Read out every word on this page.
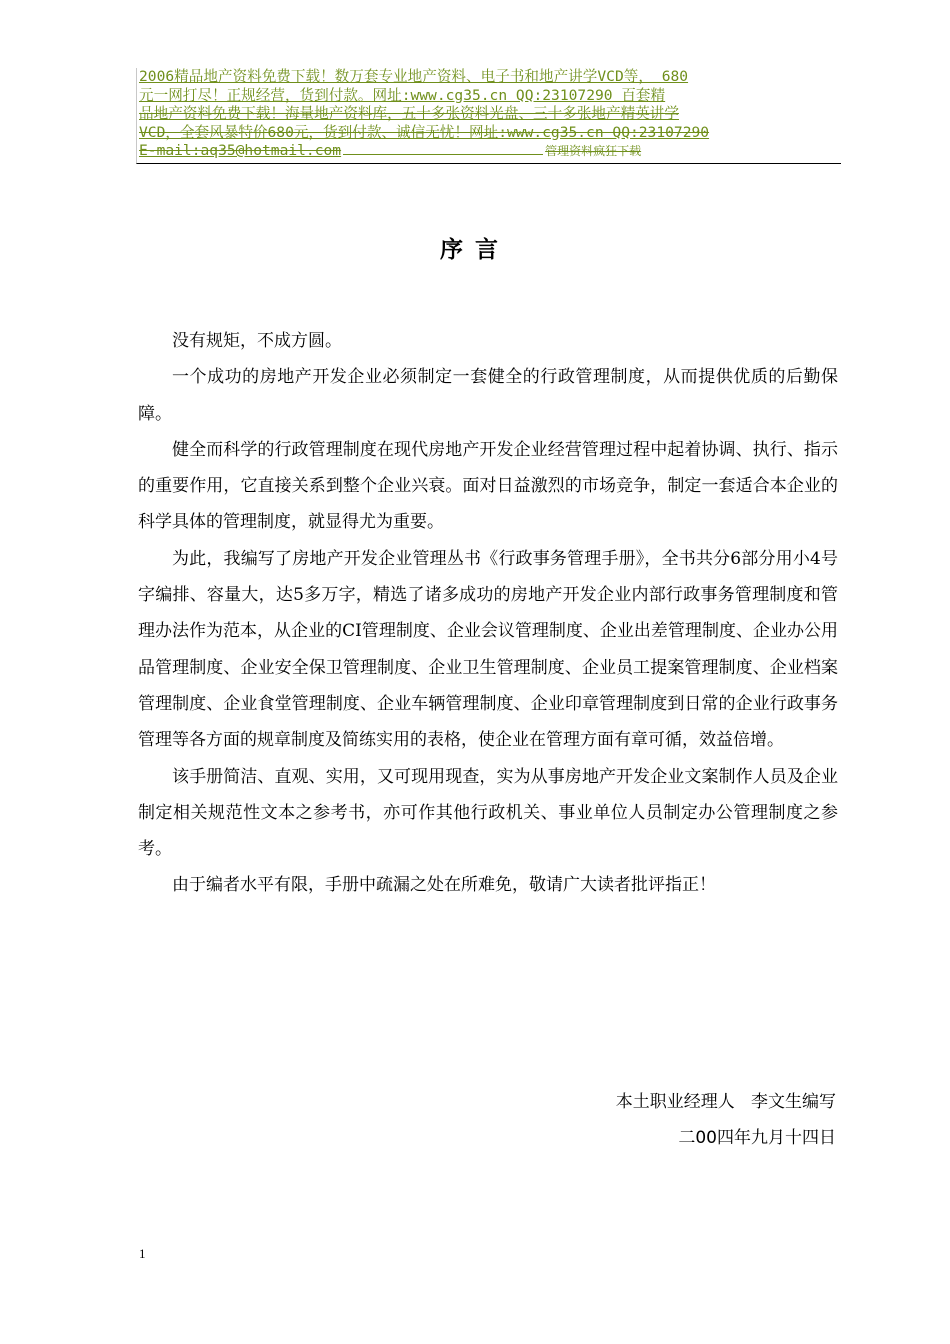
2006精品地产资料免费下载！数万套专业地产资料、电子书和地产讲学VCD等， 680
元一网打尽！正规经营，货到付款。网址:www.cg35.cn QQ:23107290 百套精
品地产资料免费下载！海量地产资料库，五十多张资料光盘、三十多张地产精英讲学
VCD，全套风暴特价680元，货到付款、诚信无忧！网址:www.cg35.cn QQ:23107290
E-mail:aq35@hotmail.com	管理资料疯狂下载
序言

没有规矩，不成方圆。

一个成功的房地产开发企业必须制定一套健全的行政管理制度，从而提供优质的后勤保障。

健全而科学的行政管理制度在现代房地产开发企业经营管理过程中起着协调、执行、指示的重要作用，它直接关系到整个企业兴衰。面对日益激烈的市场竞争，制定一套适合本企业的科学具体的管理制度，就显得尤为重要。

为此，我编写了房地产开发企业管理丛书《行政事务管理手册》，全书共分6部分用小4号字编排、容量大，达5多万字，精选了诸多成功的房地产开发企业内部行政事务管理制度和管理办法作为范本，从企业的CI管理制度、企业会议管理制度、企业出差管理制度、企业办公用品管理制度、企业安全保卫管理制度、企业卫生管理制度、企业员工提案管理制度、企业档案管理制度、企业食堂管理制度、企业车辆管理制度、企业印章管理制度到日常的企业行政事务管理等各方面的规章制度及简练实用的表格，使企业在管理方面有章可循，效益倍增。

该手册简洁、直观、实用，又可现用现查，实为从事房地产开发企业文案制作人员及企业制定相关规范性文本之参考书，亦可作其他行政机关、事业单位人员制定办公管理制度之参考。

由于编者水平有限，手册中疏漏之处在所难免，敬请广大读者批评指正！

本土职业经理人   李文生编写
二00四年九月十四日
1
